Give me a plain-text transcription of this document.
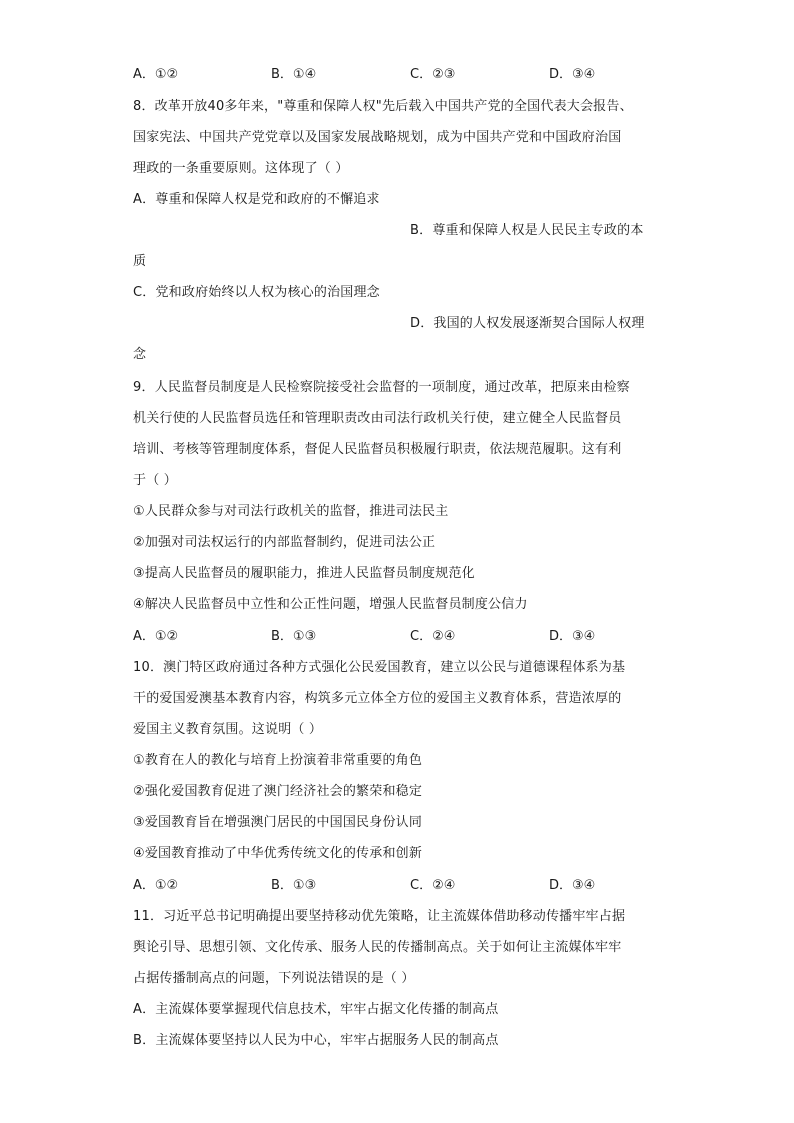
A．①②	B．①④	C．②③	D．③④
8．改革开放40多年来，"尊重和保障人权"先后载入中国共产党的全国代表大会报告、
国家宪法、中国共产党党章以及国家发展战略规划，成为中国共产党和中国政府治国
理政的一条重要原则。这体现了（ ）
A．尊重和保障人权是党和政府的不懈追求
B．尊重和保障人权是人民民主专政的本
质
C．党和政府始终以人权为核心的治国理念
D．我国的人权发展逐渐契合国际人权理
念
9．人民监督员制度是人民检察院接受社会监督的一项制度，通过改革，把原来由检察
机关行使的人民监督员选任和管理职责改由司法行政机关行使，建立健全人民监督员
培训、考核等管理制度体系，督促人民监督员积极履行职责，依法规范履职。这有利
于（ ）
①人民群众参与对司法行政机关的监督，推进司法民主
②加强对司法权运行的内部监督制约，促进司法公正
③提高人民监督员的履职能力，推进人民监督员制度规范化
④解决人民监督员中立性和公正性问题，增强人民监督员制度公信力
A．①②	B．①③	C．②④	D．③④
10．澳门特区政府通过各种方式强化公民爱国教育，建立以公民与道德课程体系为基
干的爱国爱澳基本教育内容，构筑多元立体全方位的爱国主义教育体系，营造浓厚的
爱国主义教育氛围。这说明（ ）
①教育在人的教化与培育上扮演着非常重要的角色
②强化爱国教育促进了澳门经济社会的繁荣和稳定
③爱国教育旨在增强澳门居民的中国国民身份认同
④爱国教育推动了中华优秀传统文化的传承和创新
A．①②	B．①③	C．②④	D．③④
11．习近平总书记明确提出要坚持移动优先策略，让主流媒体借助移动传播牢牢占据
舆论引导、思想引领、文化传承、服务人民的传播制高点。关于如何让主流媒体牢牢
占据传播制高点的问题，下列说法错误的是（ ）
A．主流媒体要掌握现代信息技术，牢牢占据文化传播的制高点
B．主流媒体要坚持以人民为中心，牢牢占据服务人民的制高点
